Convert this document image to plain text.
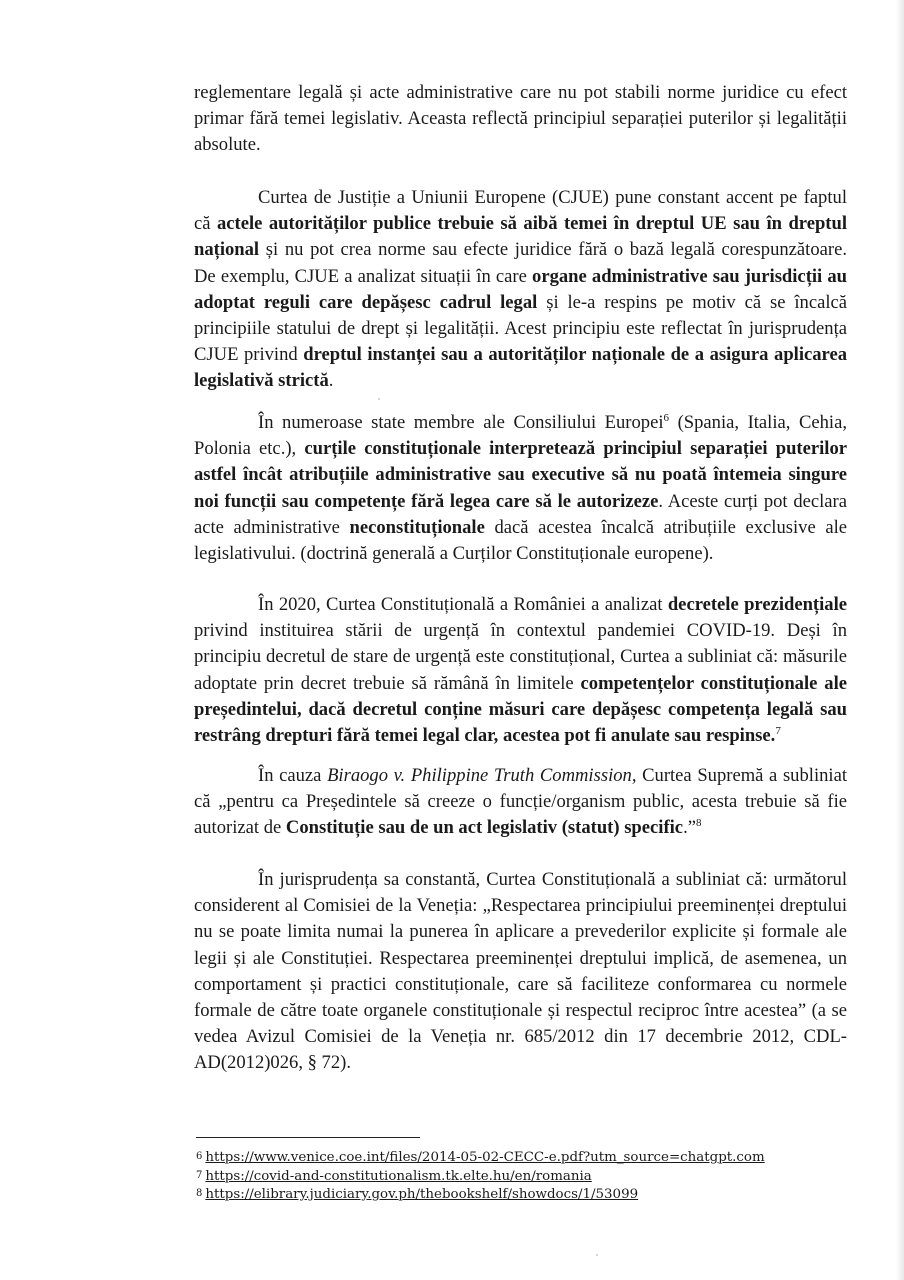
reglementare legală și acte administrative care nu pot stabili norme juridice cu efect primar fără temei legislativ. Aceasta reflectă principiul separației puterilor și legalității absolute.

Curtea de Justiție a Uniunii Europene (CJUE) pune constant accent pe faptul că actele autorităților publice trebuie să aibă temei în dreptul UE sau în dreptul național și nu pot crea norme sau efecte juridice fără o bază legală corespunzătoare. De exemplu, CJUE a analizat situații în care organe administrative sau jurisdicții au adoptat reguli care depășesc cadrul legal și le-a respins pe motiv că se încalcă principiile statului de drept și legalității. Acest principiu este reflectat în jurisprudența CJUE privind dreptul instanței sau a autorităților naționale de a asigura aplicarea legislativă strictă.

În numeroase state membre ale Consiliului Europei$^6$ (Spania, Italia, Cehia, Polonia etc.), curțile constituționale interpretează principiul separației puterilor astfel încât atribuțiile administrative sau executive să nu poată întemeia singure noi funcții sau competențe fără legea care să le autorizeze. Aceste curți pot declara acte administrative neconstituționale dacă acestea încalcă atribuțiile exclusive ale legislativului. (doctrină generală a Curților Constituționale europene).

În 2020, Curtea Constituțională a României a analizat decretele prezidențiale privind instituirea stării de urgență în contextul pandemiei COVID-19. Deși în principiu decretul de stare de urgență este constituțional, Curtea a subliniat că: măsurile adoptate prin decret trebuie să rămână în limitele competențelor constituționale ale președintelui, dacă decretul conține măsuri care depășesc competența legală sau restrâng drepturi fără temei legal clar, acestea pot fi anulate sau respinse.$^7$

În cauza Biraogo v. Philippine Truth Commission, Curtea Supremă a subliniat că „pentru ca Președintele să creeze o funcție/organism public, acesta trebuie să fie autorizat de Constituție sau de un act legislativ (statut) specific.”$^8$

În jurisprudența sa constantă, Curtea Constituțională a subliniat că: următorul considerent al Comisiei de la Veneția: „Respectarea principiului preeminenței dreptului nu se poate limita numai la punerea în aplicare a prevederilor explicite și formale ale legii și ale Constituției. Respectarea preeminenței dreptului implică, de asemenea, un comportament și practici constituționale, care să faciliteze conformarea cu normele formale de către toate organele constituționale și respectul reciproc între acestea” (a se vedea Avizul Comisiei de la Veneția nr. 685/2012 din 17 decembrie 2012, CDL-AD(2012)026, § 72).

6 https://www.venice.coe.int/files/2014-05-02-CECC-e.pdf?utm_source=chatgpt.com
7 https://covid-and-constitutionalism.tk.elte.hu/en/romania
8 https://elibrary.judiciary.gov.ph/thebookshelf/showdocs/1/53099
